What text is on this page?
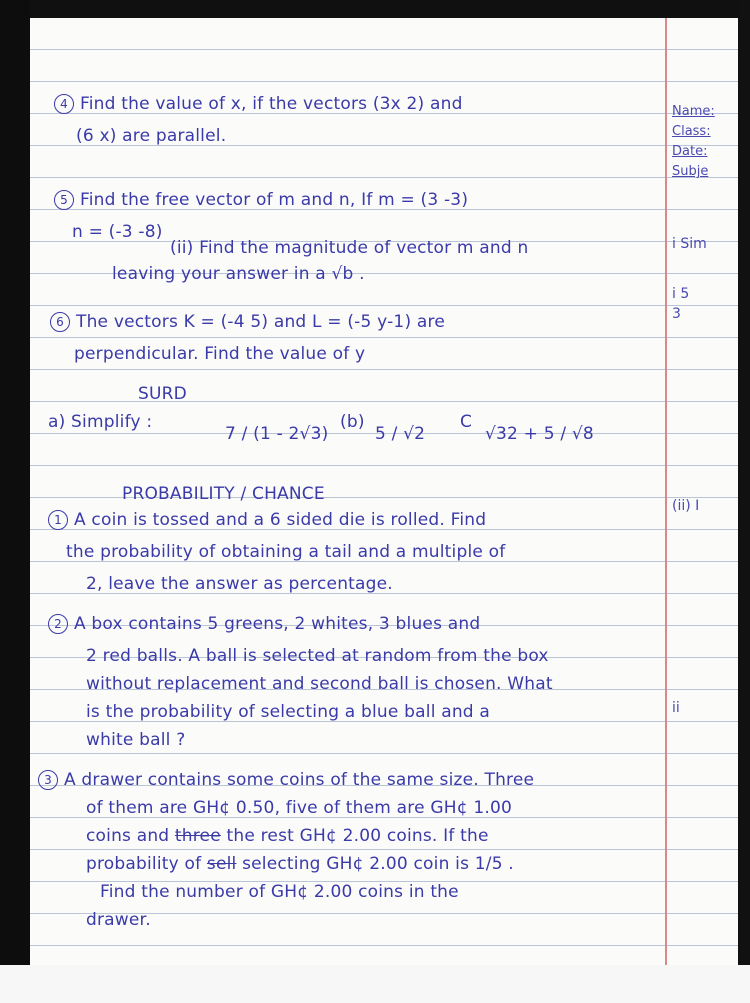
4 Find the value of x, if the vectors (3x 2) and
(6 x) are parallel.
5 Find the free vector of m and n, If m = (3 -3)
n = (-3 -8)
(ii) Find the magnitude of vector m and n
leaving your answer in a √b .
6 The vectors K = (-4 5) and L = (-5 y-1) are
perpendicular. Find the value of y
SURD
a) Simplify :
7 / (1 - 2√3)
(b)
5 / √2
C
√32 + 5 / √8
PROBABILITY / CHANCE
1 A coin is tossed and a 6 sided die is rolled. Find
the probability of obtaining a tail and a multiple of
2, leave the answer as percentage.
2 A box contains 5 greens, 2 whites, 3 blues and
2 red balls. A ball is selected at random from the box
without replacement and second ball is chosen. What
is the probability of selecting a blue ball and a
white ball ?
3 A drawer contains some coins of the same size. Three
of them are GH¢ 0.50, five of them are GH¢ 1.00
coins and three the rest GH¢ 2.00 coins. If the
probability of sell selecting GH¢ 2.00 coin is 1/5 .
Find the number of GH¢ 2.00 coins in the
drawer.
Name:
Class:
Date:
Subje
i Sim
i 5
3
(ii) I
ii
